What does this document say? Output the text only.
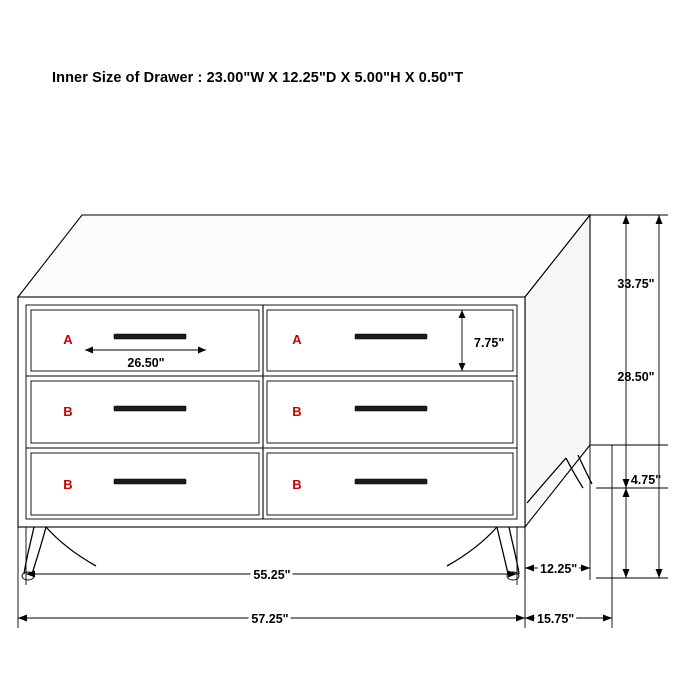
Inner Size of Drawer : 23.00"W X 12.25"D X 5.00"H X 0.50"T
33.75"
28.50"
4.75"
7.75"
26.50"
55.25"
57.25"
12.25"
15.75"
A	A
B	B
B	B
